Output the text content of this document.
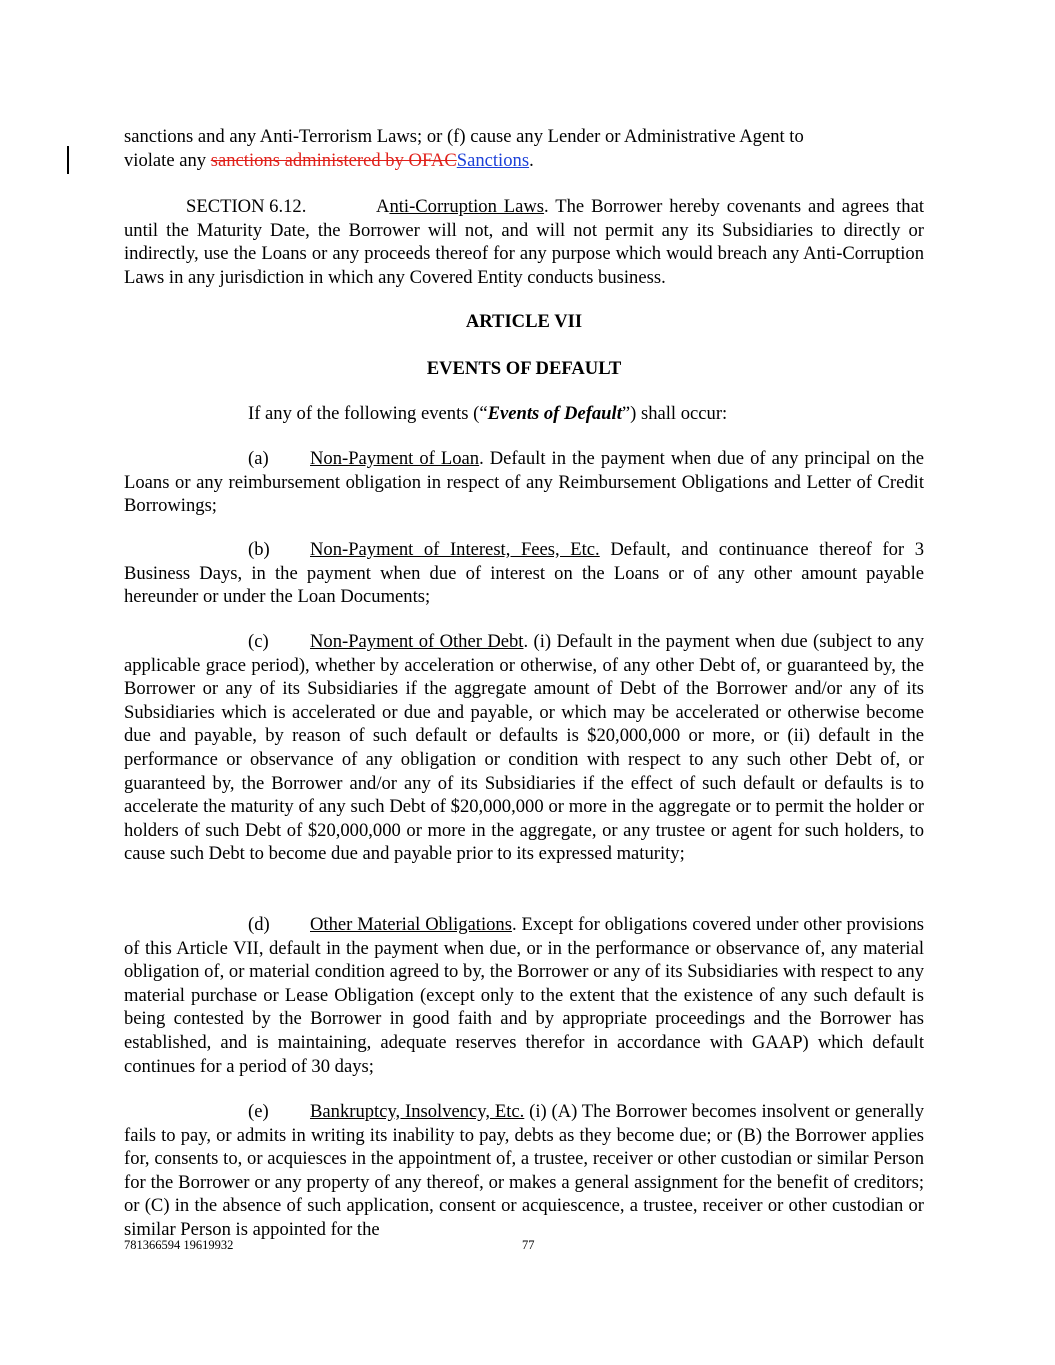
sanctions and any Anti-Terrorism Laws; or (f) cause any Lender or Administrative Agent to
violate any sanctions administered by OFACSanctions.

SECTION 6.12.	Anti-Corruption Laws. The Borrower hereby covenants and agrees that until the Maturity Date, the Borrower will not, and will not permit any its Subsidiaries to directly or indirectly, use the Loans or any proceeds thereof for any purpose which would breach any Anti-Corruption Laws in any jurisdiction in which any Covered Entity conducts business.

ARTICLE VII

EVENTS OF DEFAULT

If any of the following events (“Events of Default”) shall occur:

(a) Non-Payment of Loan. Default in the payment when due of any principal on the Loans or any reimbursement obligation in respect of any Reimbursement Obligations and Letter of Credit Borrowings;

(b) Non-Payment of Interest, Fees, Etc. Default, and continuance thereof for 3 Business Days, in the payment when due of interest on the Loans or of any other amount payable hereunder or under the Loan Documents;

(c) Non-Payment of Other Debt. (i) Default in the payment when due (subject to any applicable grace period), whether by acceleration or otherwise, of any other Debt of, or guaranteed by, the Borrower or any of its Subsidiaries if the aggregate amount of Debt of the Borrower and/or any of its Subsidiaries which is accelerated or due and payable, or which may be accelerated or otherwise become due and payable, by reason of such default or defaults is $20,000,000 or more, or (ii) default in the performance or observance of any obligation or condition with respect to any such other Debt of, or guaranteed by, the Borrower and/or any of its Subsidiaries if the effect of such default or defaults is to accelerate the maturity of any such Debt of $20,000,000 or more in the aggregate or to permit the holder or holders of such Debt of $20,000,000 or more in the aggregate, or any trustee or agent for such holders, to cause such Debt to become due and payable prior to its expressed maturity;

(d) Other Material Obligations. Except for obligations covered under other provisions of this Article VII, default in the payment when due, or in the performance or observance of, any material obligation of, or material condition agreed to by, the Borrower or any of its Subsidiaries with respect to any material purchase or Lease Obligation (except only to the extent that the existence of any such default is being contested by the Borrower in good faith and by appropriate proceedings and the Borrower has established, and is maintaining, adequate reserves therefor in accordance with GAAP) which default continues for a period of 30 days;

(e) Bankruptcy, Insolvency, Etc. (i) (A) The Borrower becomes insolvent or generally fails to pay, or admits in writing its inability to pay, debts as they become due; or (B) the Borrower applies for, consents to, or acquiesces in the appointment of, a trustee, receiver or other custodian or similar Person for the Borrower or any property of any thereof, or makes a general assignment for the benefit of creditors; or (C) in the absence of such application, consent or acquiescence, a trustee, receiver or other custodian or similar Person is appointed for the

781366594 19619932	77
